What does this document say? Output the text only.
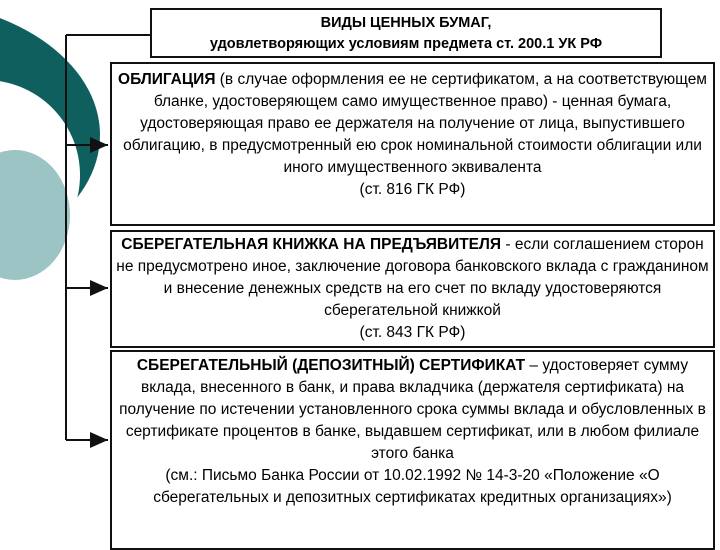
42
ВИДЫ ЦЕННЫХ БУМАГ,
удовлетворяющих условиям предмета ст. 200.1 УК РФ
ОБЛИГАЦИЯ (в случае оформления ее не сертификатом, а на соответствующем бланке, удостоверяющем само имущественное право) - ценная бумага, удостоверяющая право ее держателя на получение от лица, выпустившего облигацию, в предусмотренный ею срок номинальной стоимости облигации или иного имущественного эквивалента
(ст. 816 ГК РФ)
СБЕРЕГАТЕЛЬНАЯ КНИЖКА НА ПРЕДЪЯВИТЕЛЯ - если соглашением сторон не предусмотрено иное, заключение договора банковского вклада с гражданином и внесение денежных средств на его счет по вкладу удостоверяются сберегательной книжкой
(ст. 843 ГК РФ)
СБЕРЕГАТЕЛЬНЫЙ (ДЕПОЗИТНЫЙ) СЕРТИФИКАТ – удостоверяет сумму вклада, внесенного в банк, и права вкладчика (держателя сертификата) на получение по истечении установленного срока суммы вклада и обусловленных в сертификате процентов в банке, выдавшем сертификат, или в любом филиале этого банка
(см.: Письмо Банка России от 10.02.1992 № 14-3-20 «Положение «О сберегательных и депозитных сертификатах кредитных организациях»)
